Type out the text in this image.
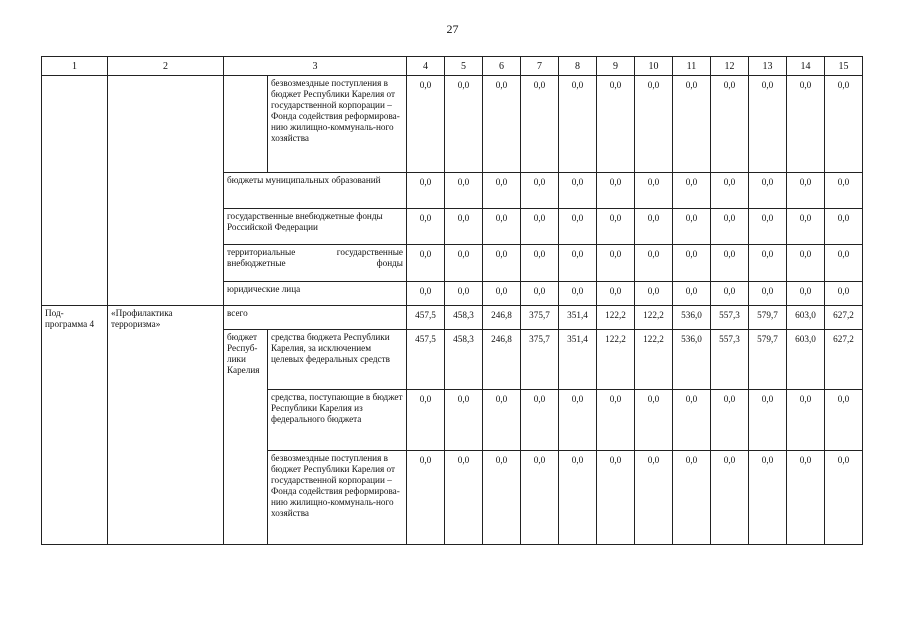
27
1	2	3		4	5	6	7	8	9	10	11	12	13	14	15
			безвозмездные поступления в бюджет Республики Карелия от государственной корпорации – Фонда содействия реформирова-нию жилищно-коммуналь-ного хозяйства	0,0	0,0	0,0	0,0	0,0	0,0	0,0	0,0	0,0	0,0	0,0	0,0
		бюджеты муниципальных образований		0,0	0,0	0,0	0,0	0,0	0,0	0,0	0,0	0,0	0,0	0,0	0,0
		государственные внебюджетные фонды Российской Федерации		0,0	0,0	0,0	0,0	0,0	0,0	0,0	0,0	0,0	0,0	0,0	0,0
		территориальные государственные внебюджетные фонды		0,0	0,0	0,0	0,0	0,0	0,0	0,0	0,0	0,0	0,0	0,0	0,0
		юридические лица		0,0	0,0	0,0	0,0	0,0	0,0	0,0	0,0	0,0	0,0	0,0	0,0
Под-программа 4	«Профилактика терроризма»	всего		457,5	458,3	246,8	375,7	351,4	122,2	122,2	536,0	557,3	579,7	603,0	627,2
		бюджет Респуб-лики Карелия	средства бюджета Республики Карелия, за исключением целевых федеральных средств	457,5	458,3	246,8	375,7	351,4	122,2	122,2	536,0	557,3	579,7	603,0	627,2
			средства, поступающие в бюджет Республики Карелия из федерального бюджета	0,0	0,0	0,0	0,0	0,0	0,0	0,0	0,0	0,0	0,0	0,0	0,0
			безвозмездные поступления в бюджет Республики Карелия от государственной корпорации – Фонда содействия реформирова-нию жилищно-коммуналь-ного хозяйства	0,0	0,0	0,0	0,0	0,0	0,0	0,0	0,0	0,0	0,0	0,0	0,0
